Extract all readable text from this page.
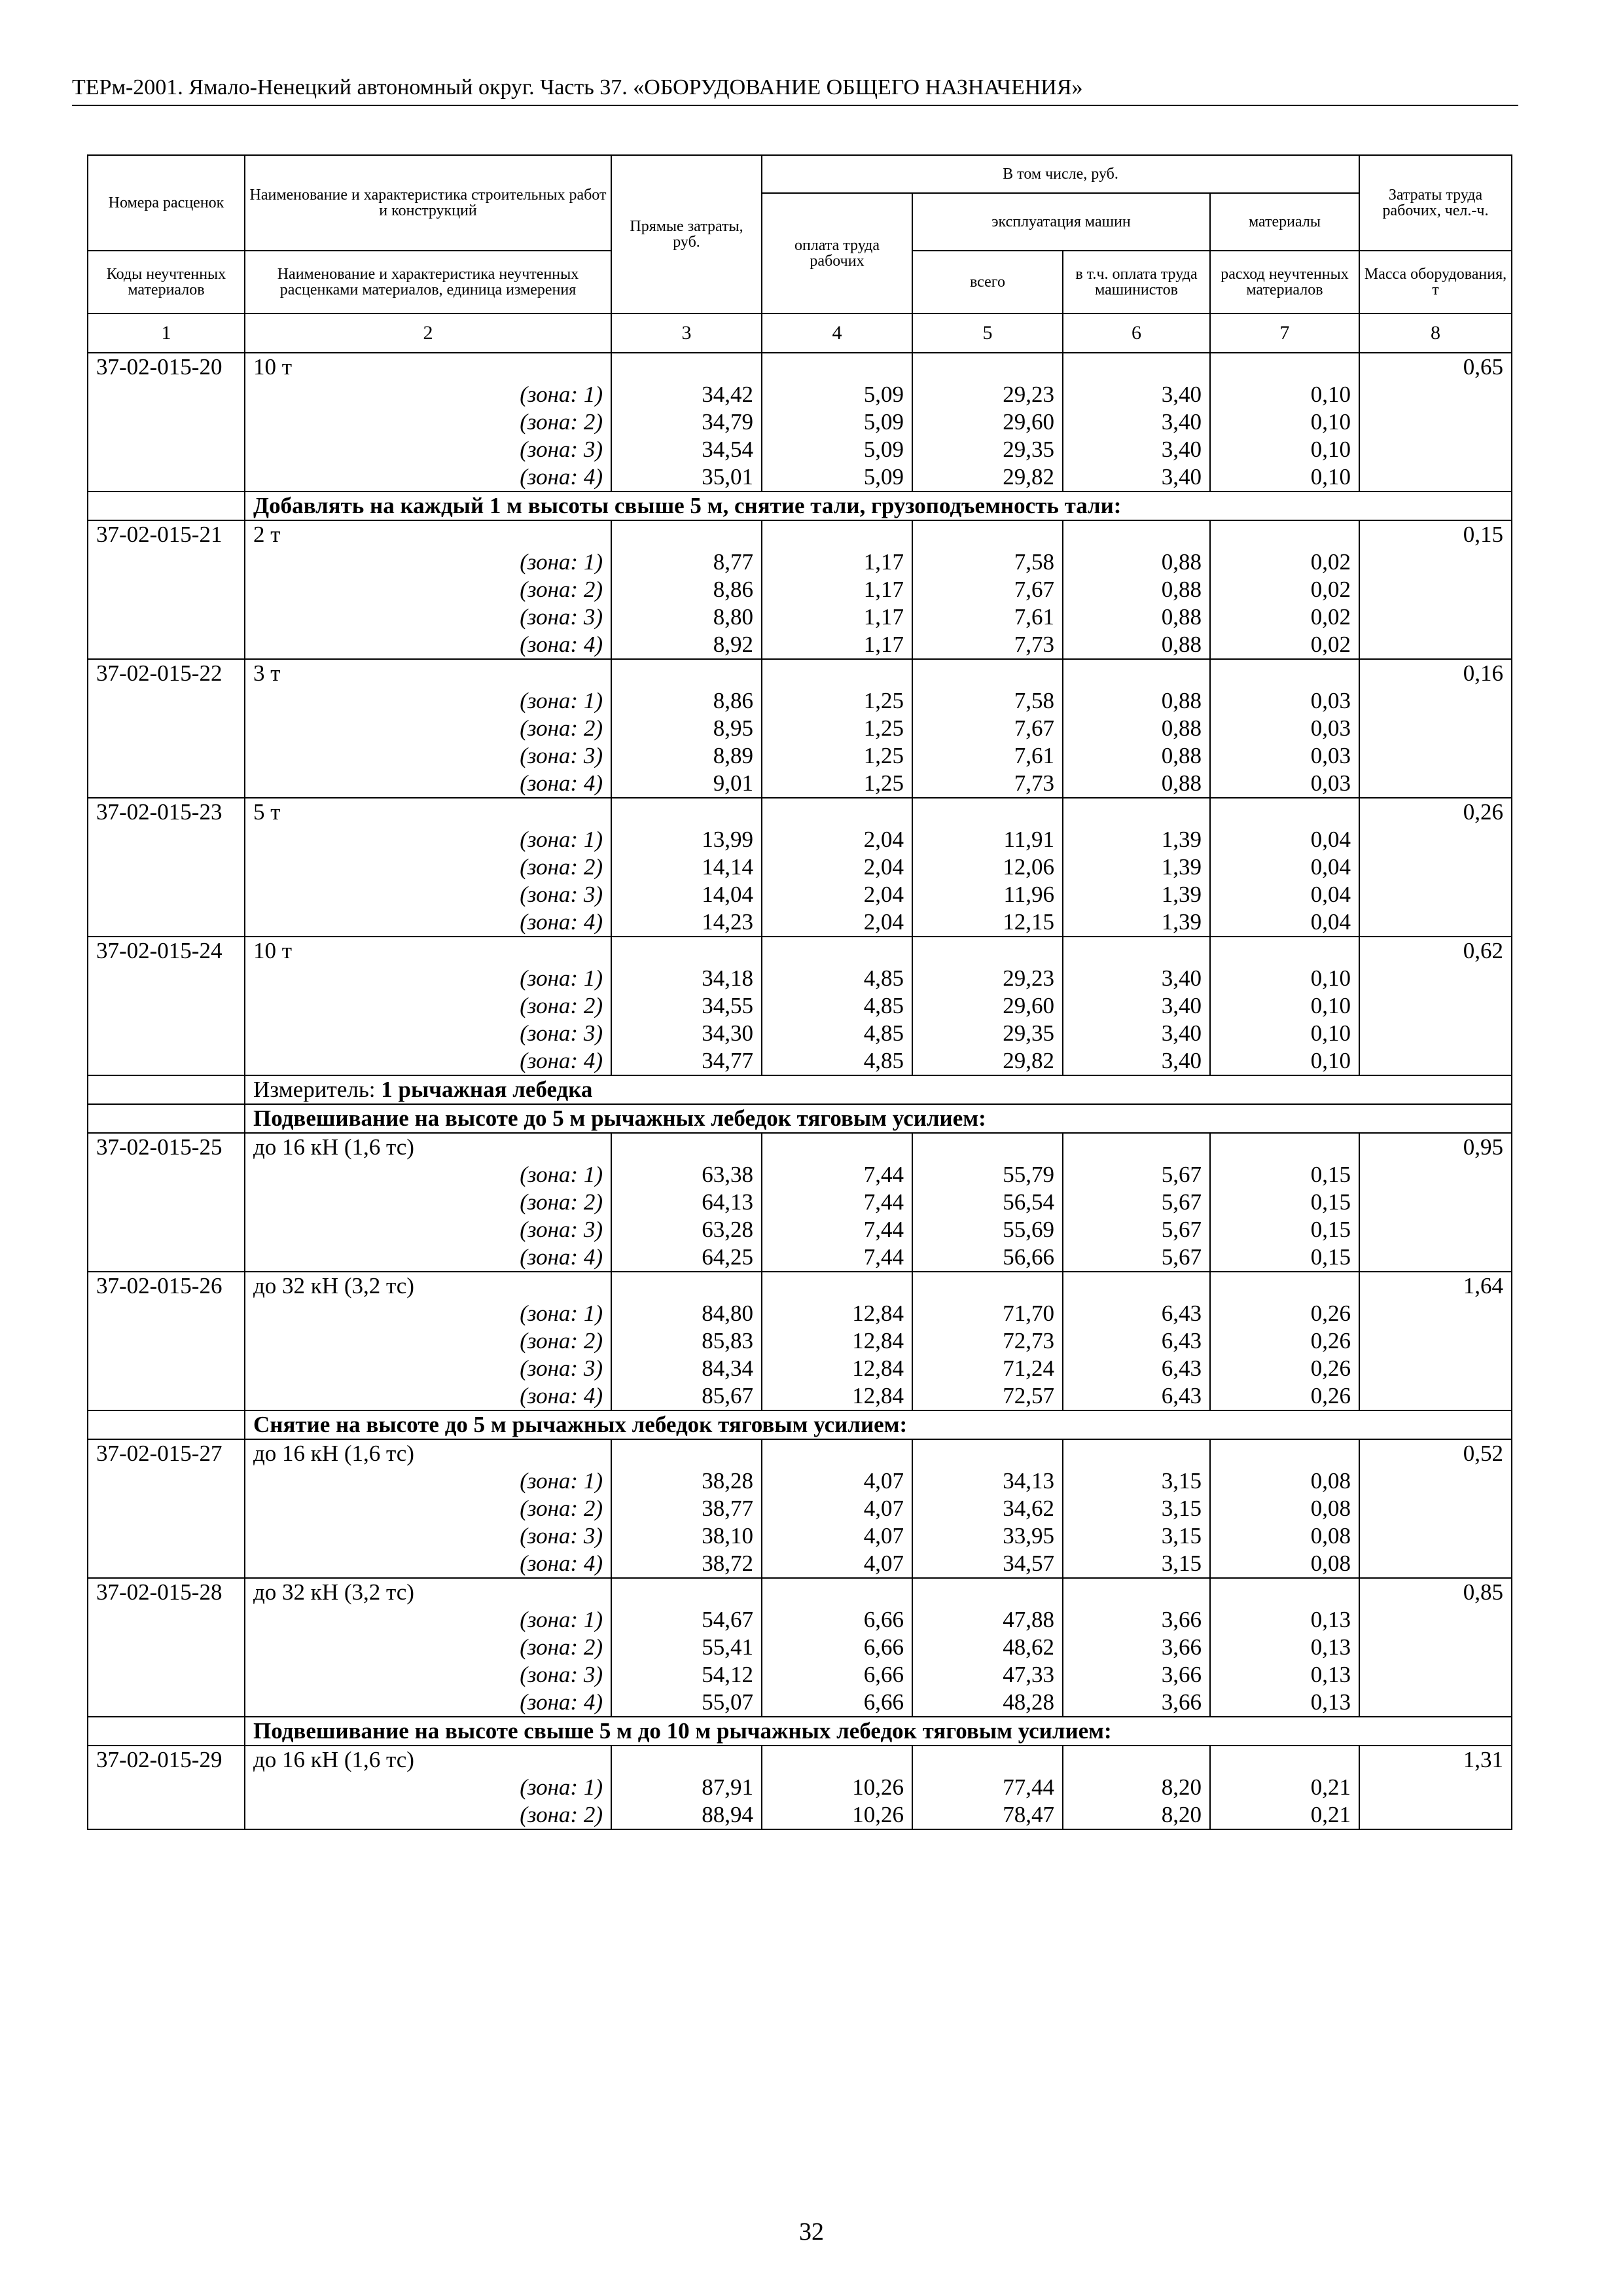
ТЕРм-2001. Ямало-Ненецкий автономный округ. Часть 37. «ОБОРУДОВАНИЕ ОБЩЕГО НАЗНАЧЕНИЯ»
Номера расценок	Наименование и характеристика строительных работ и конструкций	Прямые затраты, руб.	В том числе, руб.				Затраты труда рабочих, чел.-ч.
			оплата труда рабочих	эксплуатация машин		материалы	
Коды неучтенных материалов	Наименование и характеристика неучтенных расценками материалов, единица измерения			всего	в т.ч. оплата труда машинистов	расход неучтенных материалов	Масса оборудования, т
1	2	3	4	5	6	7	8
37-02-015-20	10 т						0,65
	(зона: 1)	34,42	5,09	29,23	3,40	0,10	
	(зона: 2)	34,79	5,09	29,60	3,40	0,10	
	(зона: 3)	34,54	5,09	29,35	3,40	0,10	
	(зона: 4)	35,01	5,09	29,82	3,40	0,10	
	Добавлять на каждый 1 м высоты свыше 5 м, снятие тали, грузоподъемность тали:						
37-02-015-21	2 т						0,15
	(зона: 1)	8,77	1,17	7,58	0,88	0,02	
	(зона: 2)	8,86	1,17	7,67	0,88	0,02	
	(зона: 3)	8,80	1,17	7,61	0,88	0,02	
	(зона: 4)	8,92	1,17	7,73	0,88	0,02	
37-02-015-22	3 т						0,16
	(зона: 1)	8,86	1,25	7,58	0,88	0,03	
	(зона: 2)	8,95	1,25	7,67	0,88	0,03	
	(зона: 3)	8,89	1,25	7,61	0,88	0,03	
	(зона: 4)	9,01	1,25	7,73	0,88	0,03	
37-02-015-23	5 т						0,26
	(зона: 1)	13,99	2,04	11,91	1,39	0,04	
	(зона: 2)	14,14	2,04	12,06	1,39	0,04	
	(зона: 3)	14,04	2,04	11,96	1,39	0,04	
	(зона: 4)	14,23	2,04	12,15	1,39	0,04	
37-02-015-24	10 т						0,62
	(зона: 1)	34,18	4,85	29,23	3,40	0,10	
	(зона: 2)	34,55	4,85	29,60	3,40	0,10	
	(зона: 3)	34,30	4,85	29,35	3,40	0,10	
	(зона: 4)	34,77	4,85	29,82	3,40	0,10	
	Измеритель: 1 рычажная лебедка						
	Подвешивание на высоте до 5 м рычажных лебедок тяговым усилием:						
37-02-015-25	до 16 кН (1,6 тс)						0,95
	(зона: 1)	63,38	7,44	55,79	5,67	0,15	
	(зона: 2)	64,13	7,44	56,54	5,67	0,15	
	(зона: 3)	63,28	7,44	55,69	5,67	0,15	
	(зона: 4)	64,25	7,44	56,66	5,67	0,15	
37-02-015-26	до 32 кН (3,2 тс)						1,64
	(зона: 1)	84,80	12,84	71,70	6,43	0,26	
	(зона: 2)	85,83	12,84	72,73	6,43	0,26	
	(зона: 3)	84,34	12,84	71,24	6,43	0,26	
	(зона: 4)	85,67	12,84	72,57	6,43	0,26	
	Снятие на высоте до 5 м рычажных лебедок тяговым усилием:						
37-02-015-27	до 16 кН (1,6 тс)						0,52
	(зона: 1)	38,28	4,07	34,13	3,15	0,08	
	(зона: 2)	38,77	4,07	34,62	3,15	0,08	
	(зона: 3)	38,10	4,07	33,95	3,15	0,08	
	(зона: 4)	38,72	4,07	34,57	3,15	0,08	
37-02-015-28	до 32 кН (3,2 тс)						0,85
	(зона: 1)	54,67	6,66	47,88	3,66	0,13	
	(зона: 2)	55,41	6,66	48,62	3,66	0,13	
	(зона: 3)	54,12	6,66	47,33	3,66	0,13	
	(зона: 4)	55,07	6,66	48,28	3,66	0,13	
	Подвешивание на высоте свыше 5 м до 10 м рычажных лебедок тяговым усилием:						
37-02-015-29	до 16 кН (1,6 тс)						1,31
	(зона: 1)	87,91	10,26	77,44	8,20	0,21	
	(зона: 2)	88,94	10,26	78,47	8,20	0,21	
32
